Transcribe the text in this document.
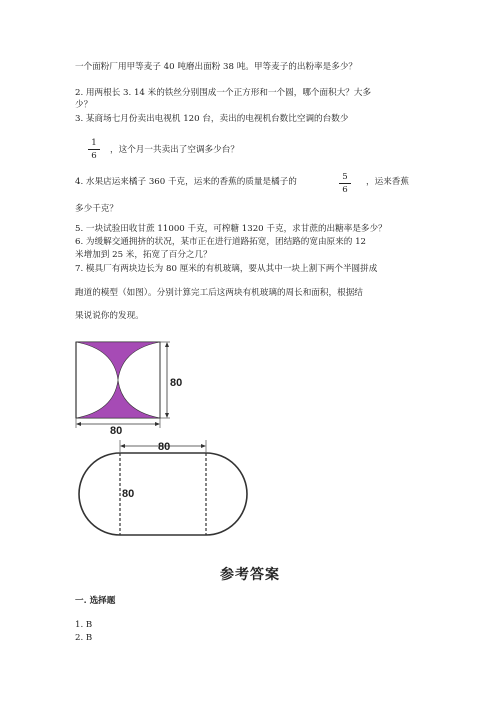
一个面粉厂用甲等麦子 40 吨磨出面粉 38 吨。甲等麦子的出粉率是多少？
2. 用两根长 3. 14 米的铁丝分别围成一个正方形和一个圆，哪个面积大？大多
少？
3. 某商场七月份卖出电视机 120 台，卖出的电视机台数比空调的台数少
1
6
，这个月一共卖出了空调多少台？
4. 水果店运来橘子 360 千克，运来的香蕉的质量是橘子的	5
6
，运来香蕉
多少千克？
5. 一块试验田收甘蔗 11000 千克，可榨糖 1320 千克，求甘蔗的出糖率是多少？
6. 为缓解交通拥挤的状况，某市正在进行道路拓宽，团结路的宽由原来的 12
米增加到 25 米，拓宽了百分之几？
7. 模具厂有两块边长为 80 厘米的有机玻璃，要从其中一块上割下两个半圆拼成
跑道的模型（如图）。分别计算完工后这两块有机玻璃的周长和面积，根据结
果说说你的发现。
80
80
80
80
参考答案
一. 选择题
1. B
2. B
